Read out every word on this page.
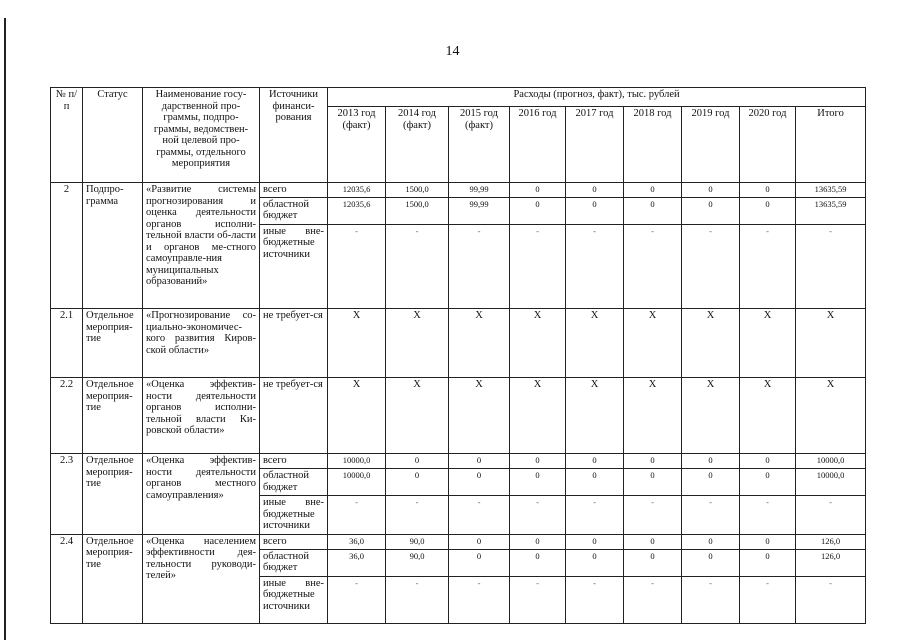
14
№ п/п	Статус	Наименование госу-дарственной про-граммы, подпро-граммы, ведомствен-ной целевой про-граммы, отдельного мероприятия	Источники финанси-рования	Расходы (прогноз, факт), тыс. рублей								
				2013 год (факт)	2014 год (факт)	2015 год (факт)	2016 год	2017 год	2018 год	2019 год	2020 год	Итого
2	Подпро-грамма	«Развитие системы прогнозирования и оценка деятельности органов исполни-тельной власти об-ласти и органов ме-стного самоуправле-ния муниципальных образований»	всего	12035,6	1500,0	99,99	0	0	0	0	0	13635,59
			областной бюджет	12035,6	1500,0	99,99	0	0	0	0	0	13635,59
			иные вне-бюджетные источники	-	-	-	-	-	-	-	-	-
2.1	Отдельное мероприя-тие	«Прогнозирование со-циально-экономичес-кого развития Киров-ской области»	не требует-ся	X	X	X	X	X	X	X	X	X
2.2	Отдельное мероприя-тие	«Оценка эффектив-ности деятельности органов исполни-тельной власти Ки-ровской области»	не требует-ся	X	X	X	X	X	X	X	X	X
2.3	Отдельное мероприя-тие	«Оценка эффектив-ности деятельности органов местного самоуправления»	всего	10000,0	0	0	0	0	0	0	0	10000,0
			областной бюджет	10000,0	0	0	0	0	0	0	0	10000,0
			иные вне-бюджетные источники	-	-	-	-	-	-	-	-	-
2.4	Отдельное мероприя-тие	«Оценка населением эффективности дея-тельности руководи-телей»	всего	36,0	90,0	0	0	0	0	0	0	126,0
			областной бюджет	36,0	90,0	0	0	0	0	0	0	126,0
			иные вне-бюджетные источники	-	-	-	-	-	-	-	-	-
